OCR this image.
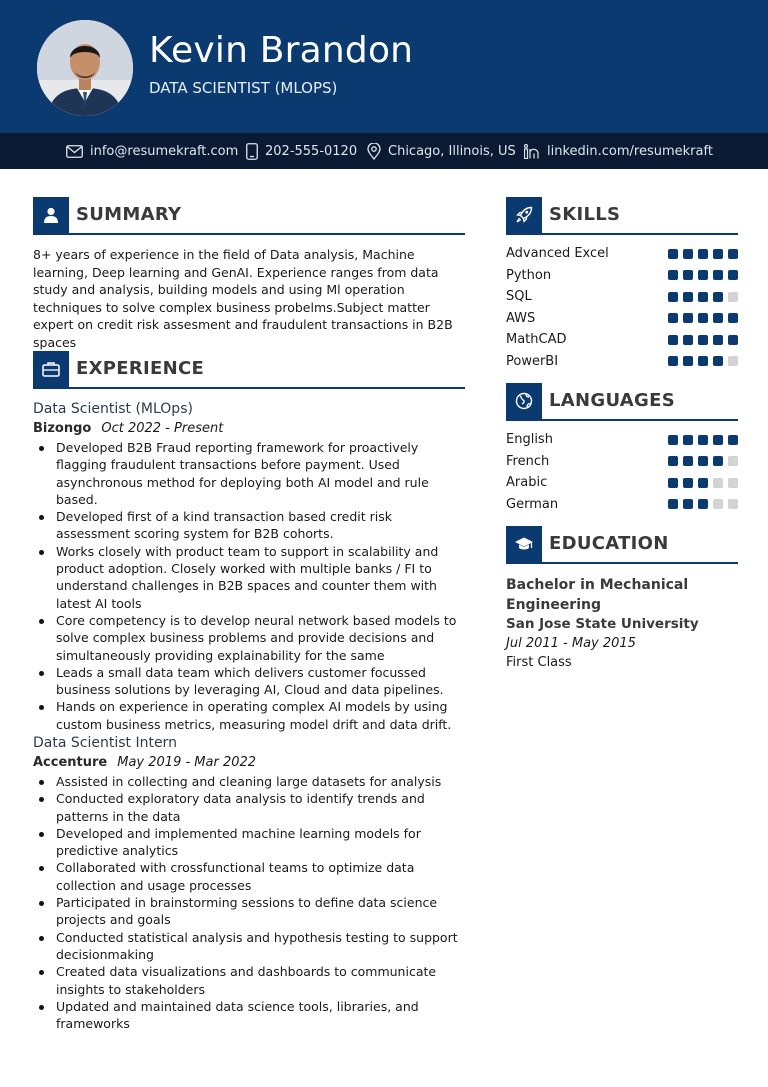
Kevin Brandon
DATA SCIENTIST (MLOPS)
info@resumekraft.com 202-555-0120 Chicago, Illinois, US linkedin.com/resumekraft
SUMMARY

8+ years of experience in the field of Data analysis, Machine learning, Deep learning and GenAI. Experience ranges from data study and analysis, building models and using Ml operation techniques to solve complex business probelms.Subject matter expert on credit risk assesment and fraudulent transactions in B2B spaces

EXPERIENCE
Data Scientist (MLOps)
Bizongo Oct 2022 - Present
Developed B2B Fraud reporting framework for proactively flagging fraudulent transactions before payment. Used asynchronous method for deploying both AI model and rule based.
Developed first of a kind transaction based credit risk assessment scoring system for B2B cohorts.
Works closely with product team to support in scalability and product adoption. Closely worked with multiple banks / FI to understand challenges in B2B spaces and counter them with latest AI tools
Core competency is to develop neural network based models to solve complex business problems and provide decisions and simultaneously providing explainability for the same
Leads a small data team which delivers customer focussed business solutions by leveraging AI, Cloud and data pipelines.
Hands on experience in operating complex AI models by using custom business metrics, measuring model drift and data drift.
Data Scientist Intern
Accenture May 2019 - Mar 2022
Assisted in collecting and cleaning large datasets for analysis
Conducted exploratory data analysis to identify trends and patterns in the data
Developed and implemented machine learning models for predictive analytics
Collaborated with crossfunctional teams to optimize data collection and usage processes
Participated in brainstorming sessions to define data science projects and goals
Conducted statistical analysis and hypothesis testing to support decisionmaking
Created data visualizations and dashboards to communicate insights to stakeholders
Updated and maintained data science tools, libraries, and frameworks
SKILLS
Advanced Excel
Python
SQL
AWS
MathCAD
PowerBI
LANGUAGES
English
French
Arabic
German
EDUCATION
Bachelor in Mechanical Engineering
San Jose State University
Jul 2011 - May 2015
First Class
